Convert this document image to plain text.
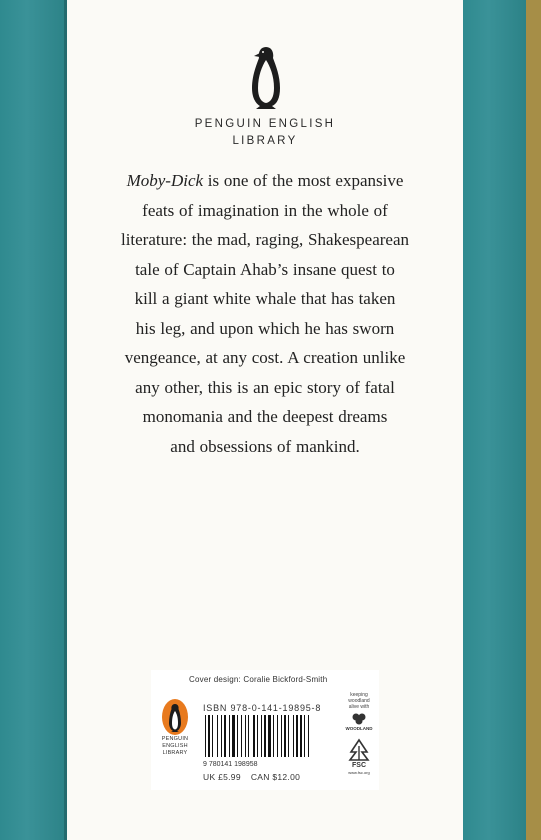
PENGUIN ENGLISH
LIBRARY
Moby-Dick is one of the most expansive
feats of imagination in the whole of
literature: the mad, raging, Shakespearean
tale of Captain Ahab’s insane quest to
kill a giant white whale that has taken
his leg, and upon which he has sworn
vengeance, at any cost. A creation unlike
any other, this is an epic story of fatal
monomania and the deepest dreams
and obsessions of mankind.
Cover design: Coralie Bickford-Smith
PENGUIN
ENGLISH
LIBRARY
ISBN 978-0-141-19895-8
9 780141 198958
UK £5.99 CAN $12.00
keeping
woodland
alive with
WOODLAND
FSC
www.fsc.org
